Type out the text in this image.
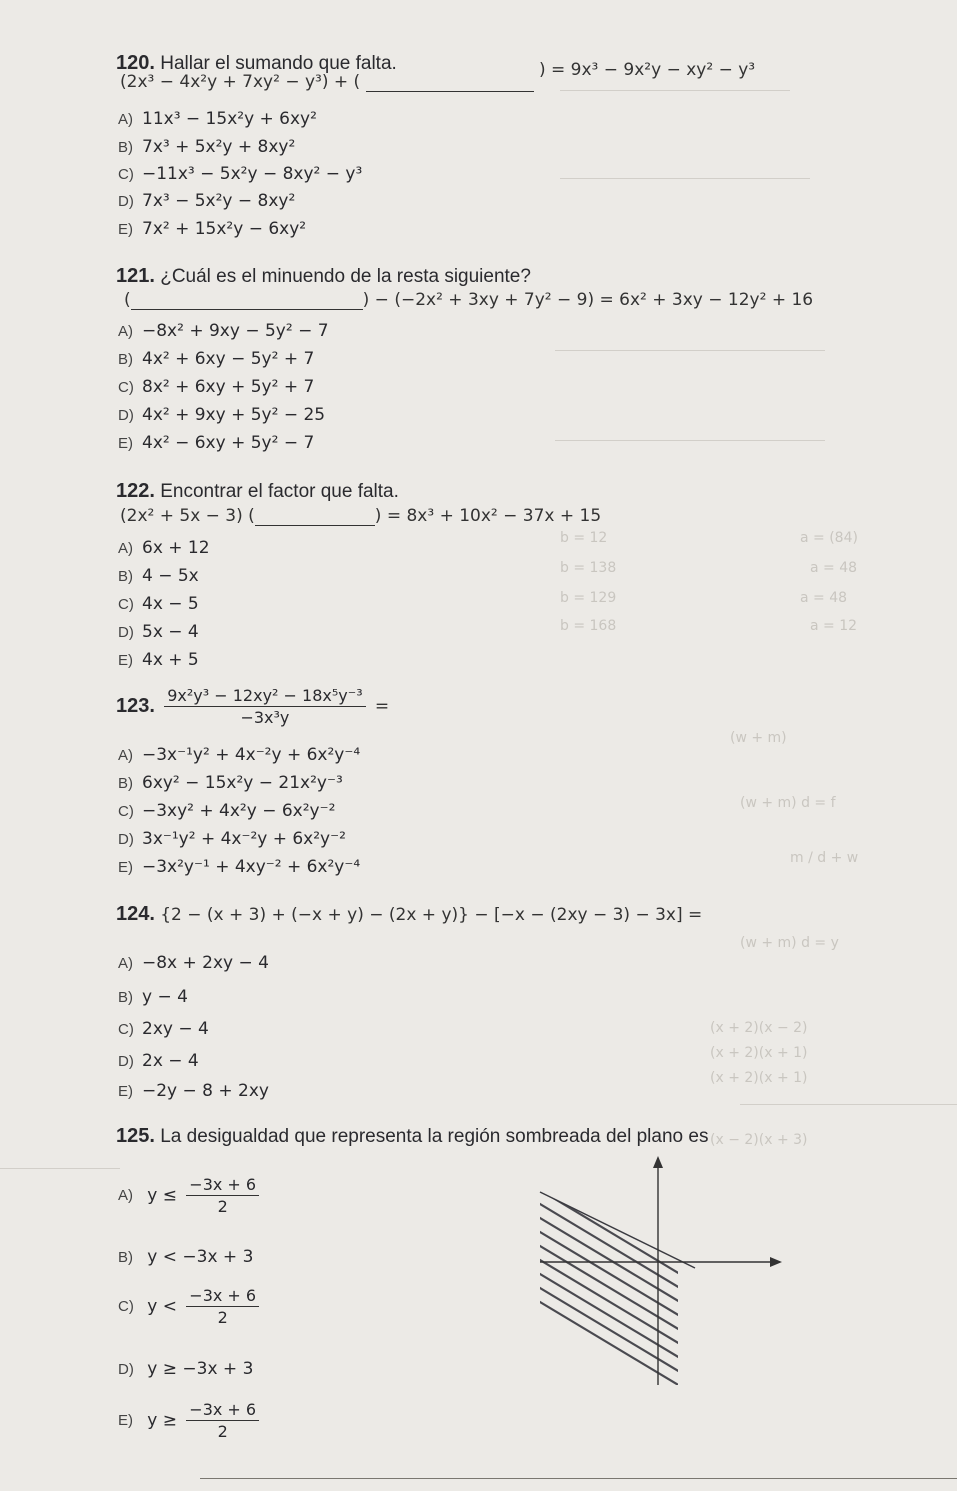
a = (84)
a = 48
a = 48
a = 12
b = 12
b = 138
b = 129
b = 168
(w + m)
(w + m) d = f
m / d + w
(w + m) d = y
(x + 2)(x − 2)
(x + 2)(x + 1)
(x + 2)(x + 1)
(x − 2)(x + 3)
120. Hallar el sumando que falta.
(2x³ − 4x²y + 7xy² − y³) + (  ) = 9x³ − 9x²y − xy² − y³
A) 11x³ − 15x²y + 6xy²
B) 7x³ + 5x²y + 8xy²
C) −11x³ − 5x²y − 8xy² − y³
D) 7x³ − 5x²y − 8xy²
E) 7x² + 15x²y − 6xy²
121. ¿Cuál es el minuendo de la resta siguiente?
(	) − (−2x² + 3xy + 7y² − 9) = 6x² + 3xy − 12y² + 16
A) −8x² + 9xy − 5y² − 7
B) 4x² + 6xy − 5y² + 7
C) 8x² + 6xy + 5y² + 7
D) 4x² + 9xy + 5y² − 25
E) 4x² − 6xy + 5y² − 7
122. Encontrar el factor que falta.
(2x² + 5x − 3) (	) = 8x³ + 10x² − 37x + 15
A) 6x + 12
B) 4 − 5x
C) 4x − 5
D) 5x − 4
E) 4x + 5
123. $\frac{\text{9x²y³ − 12xy² − 18x⁵y⁻³}}{\text{−3x³y}}$ =
A) −3x⁻¹y² + 4x⁻²y + 6x²y⁻⁴
B) 6xy² − 15x²y − 21x²y⁻³
C) −3xy² + 4x²y − 6x²y⁻²
D) 3x⁻¹y² + 4x⁻²y + 6x²y⁻²
E) −3x²y⁻¹ + 4xy⁻² + 6x²y⁻⁴
124. {2 − (x + 3) + (−x + y) − (2x + y)} − [−x − (2xy − 3) − 3x] =
A) −8x + 2xy − 4
B) y − 4
C) 2xy − 4
D) 2x − 4
E) −2y − 8 + 2xy
125. La desigualdad que representa la región sombreada del plano es
A) $y \le \frac{-3x + 6}{2}$
B) y < −3x + 3
C) $y < \frac{-3x + 6}{2}$
D) y ≥ −3x + 3
E) $y \ge \frac{-3x + 6}{2}$
